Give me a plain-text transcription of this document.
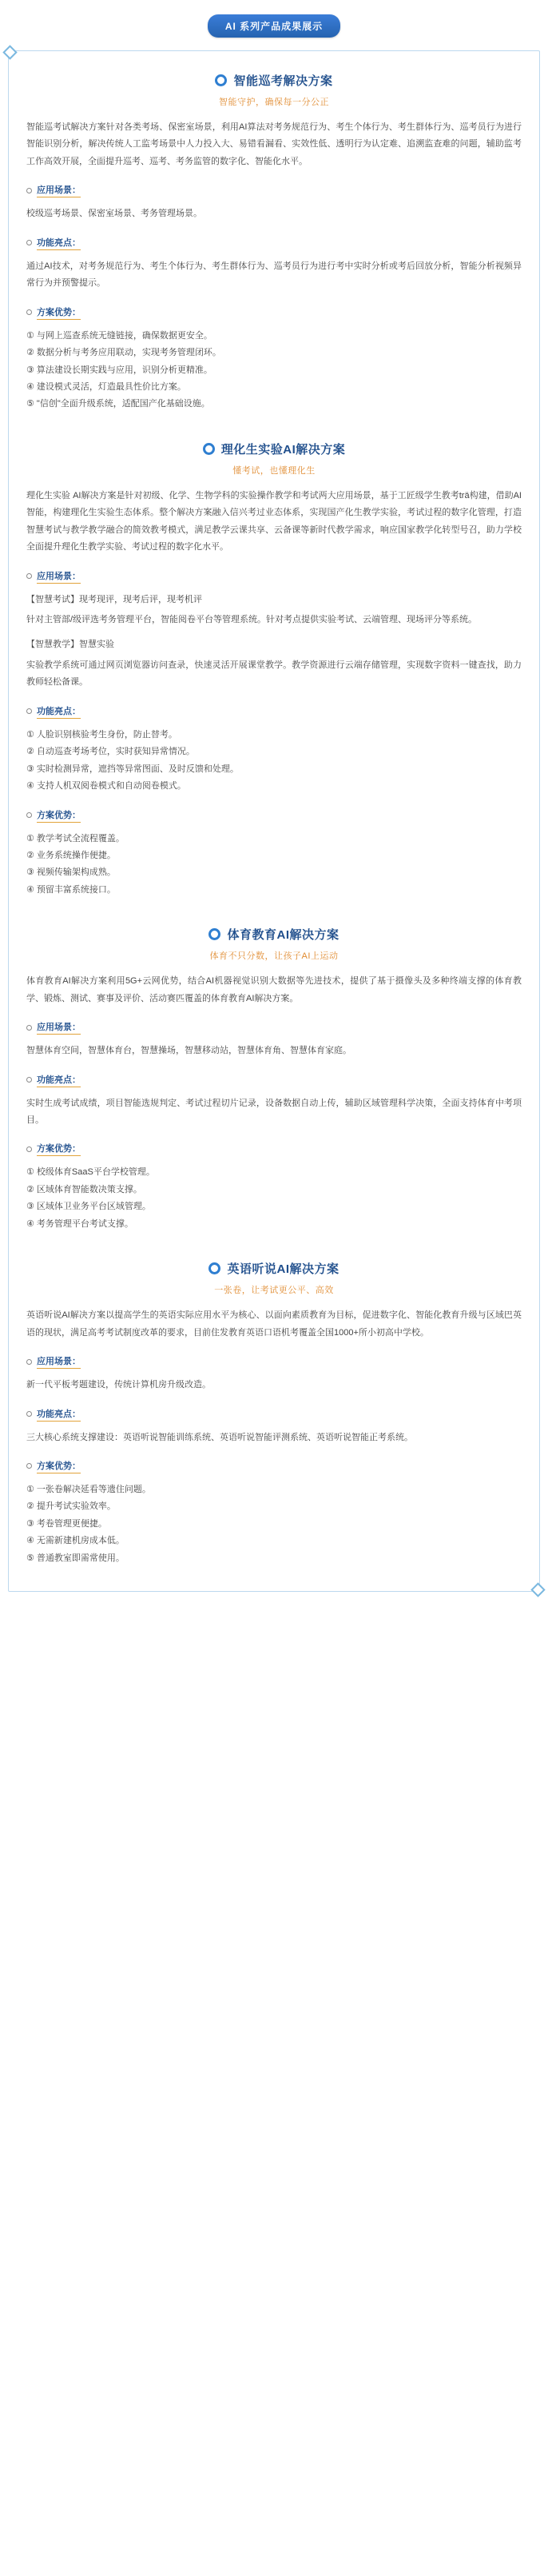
AI 系列产品成果展示
智能巡考解决方案
智能守护，确保每一分公正

智能巡考试解决方案针对各类考场、保密室场景，利用AI算法对考务规范行为、考生个体行为、考生群体行为、巡考员行为进行智能识别分析，解决传统人工监考场景中人力投入大、易错看漏看、实效性低、透明行为认定难、追溯监查难的问题，辅助监考工作高效开展，全面提升巡考、巡考、考务监管的数字化、智能化水平。

应用场景：

校级巡考场景、保密室场景、考务管理场景。

功能亮点：

通过AI技术，对考务规范行为、考生个体行为、考生群体行为、巡考员行为进行考中实时分析或考后回放分析，智能分析视频异常行为并预警提示。

方案优势：
① 与网上巡查系统无缝链接，确保数据更安全。
② 数据分析与考务应用联动，实现考务管理闭环。
③ 算法建设长期实践与应用，识别分析更精准。
④ 建设模式灵活，灯造最具性价比方案。
⑤ "信创"全面升级系统，适配国产化基础设施。
理化生实验AI解决方案
懂考试，也懂理化生

理化生实验 AI解决方案是针对初级、化学、生物学科的实验操作教学和考试两大应用场景，基于工匠级学生教考trä构建，借助AI智能，构建理化生实验生态体系。整个解决方案融入信兴考过业态体系，实现国产化生教学实验，考试过程的数字化管理，打造智慧考试与教学教学融合的简效教考模式，满足教学云课共享、云备课等新时代教学需求，响应国家教学化转型号召，助力学校全面提升理化生教学实验、考试过程的数字化水平。

应用场景：

【智慧考试】现考现评，现考后评，现考机评

针对主管部/级评选考务管理平台，智能阅卷平台等管理系统。针对考点提供实验考试、云端管理、现场评分等系统。

【智慧教学】智慧实验

实验教学系统可通过网页浏览器访问查录，快速灵活开展课堂教学。教学资源进行云端存储管理，实现数字资料一键查找，助力教师轻松备课。

功能亮点：
① 人脸识别核验考生身份，防止替考。
② 自动巡查考场考位，实时获知异常情况。
③ 实时检测异常，遮挡等异常图面、及时反馈和处理。
④ 支持人机双阅卷模式和自动阅卷模式。
方案优势：
① 教学考试全流程覆盖。
② 业务系统操作便捷。
③ 视频传输架构成熟。
④ 预留丰富系统接口。
体育教育AI解决方案
体育不只分数，让孩子AI上运动

体育教育AI解决方案利用5G+云网优势，结合AI机器视觉识别大数据等先进技术，提供了基于摄像头及多种终端支撑的体育教学、锻炼、测试、赛事及评价、活动赛匹覆盖的体育教育AI解决方案。

应用场景：

智慧体育空间，智慧体育台，智慧操场，智慧移动站，智慧体育角、智慧体育家庭。

功能亮点：

实时生成考试成绩，项目智能选规判定、考试过程切片记录，设备数据自动上传，辅助区域管理科学决策，全面支持体育中考项目。

方案优势：
① 校级体育SaaS平台学校管理。
② 区域体育智能数决策支撑。
③ 区域体卫业务平台区域管理。
④ 考务管理平台考试支撑。
英语听说AI解决方案
一张卷，让考试更公平、高效

英语听说AI解决方案以提高学生的英语实际应用水平为核心、以面向素质教育为目标，促进数字化、智能化教育升级与区域巴英语的现状，满足高考考试制度改革的要求，目前住发教育英语口语机考覆盖全国1000+所小初高中学校。

应用场景：

新一代平板考题建设，传统计算机房升级改造。

功能亮点：

三大核心系统支撑建设：英语听说智能训练系统、英语听说智能评测系统、英语听说智能正考系统。

方案优势：
① 一张卷解决延看等遗住问题。
② 提升考试实验效率。
③ 考卷管理更便捷。
④ 无需新建机房成本低。
⑤ 普通教室即需常使用。
